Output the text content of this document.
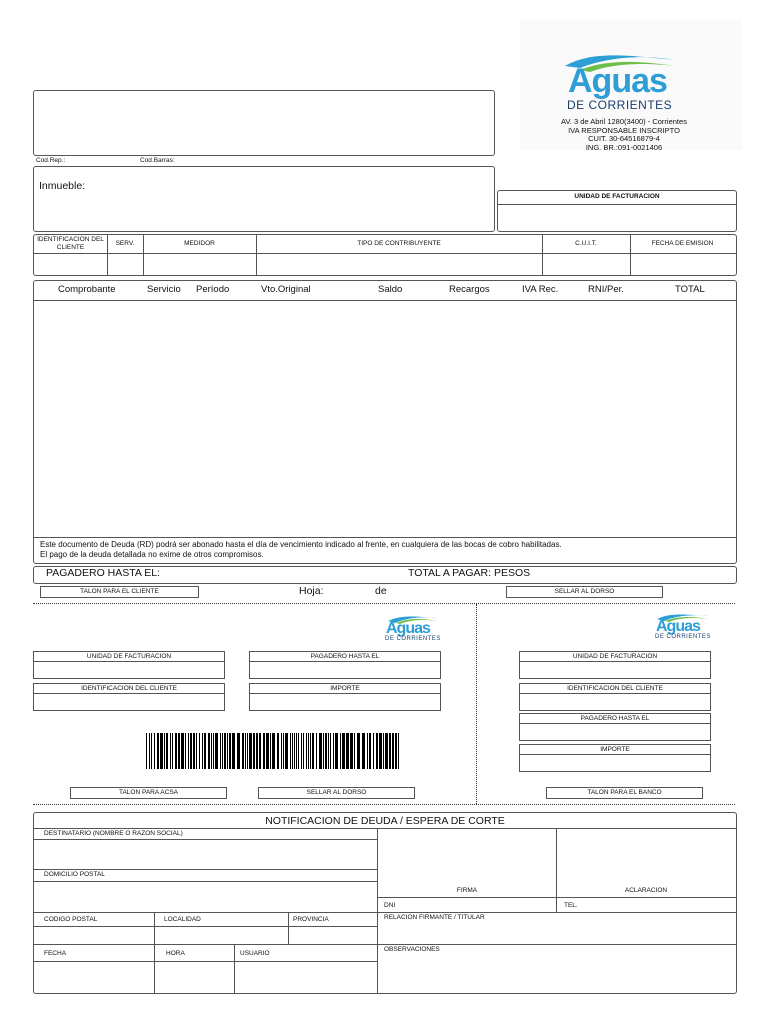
Aguas
DE CORRIENTES
AV. 3 de Abril 1280(3400) - Corrientes
IVA RESPONSABLE INSCRIPTO
CUIT. 30-64516879-4
ING. BR.:091-0021406
Cod.Rep.:	Cod.Barras:
Inmueble:
UNIDAD DE FACTURACION
IDENTIFICACION DEL CLIENTE
SERV.	MEDIDOR	TIPO DE CONTRIBUYENTE	C.U.I.T.	FECHA DE EMISION
Comprobante	Servicio Período	Vto.Original	Saldo	Recargos	IVA Rec.	RNI/Per.	TOTAL
Este documento de Deuda (RD) podrá ser abonado hasta el día de vencimiento indicado al frente, en cualquiera de las bocas de cobro habilitadas.
El pago de la deuda detallada no exime de otros compromisos.
PAGADERO HASTA EL:	TOTAL A PAGAR: PESOS
TALON PARA EL CLIENTE	Hoja:	de	SELLAR AL DORSO
Aguas
DE CORRIENTES
UNIDAD DE FACTURACION	PAGADERO HASTA EL
IDENTIFICACION DEL CLIENTE	IMPORTE
TALON PARA ACSA	SELLAR AL DORSO
Aguas
DE CORRIENTES
UNIDAD DE FACTURACION
IDENTIFICACION DEL CLIENTE
PAGADERO HASTA EL
IMPORTE
TALON PARA EL BANCO
NOTIFICACION DE DEUDA / ESPERA DE CORTE
DESTINATARIO (NOMBRE O RAZON SOCIAL)
DOMICILIO POSTAL
CODIGO POSTAL	LOCALIDAD	PROVINCIA
FECHA	HORA	USUARIO
FIRMA	ACLARACION
DNI	TEL.
RELACION FIRMANTE / TITULAR
OBSERVACIONES
